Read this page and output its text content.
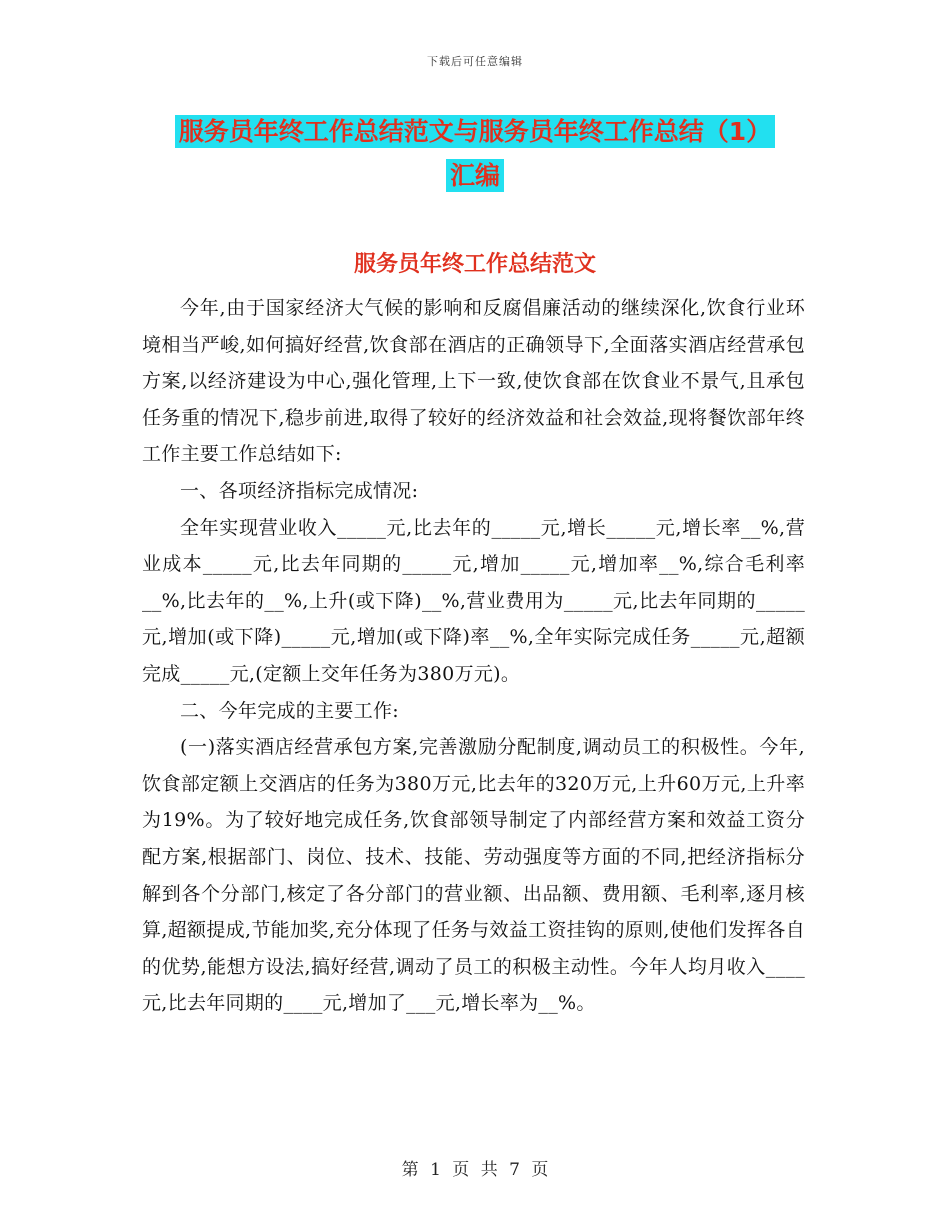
下载后可任意编辑
服务员年终工作总结范文与服务员年终工作总结（1）
汇编
服务员年终工作总结范文

今年,由于国家经济大气候的影响和反腐倡廉活动的继续深化,饮食行业环境相当严峻,如何搞好经营,饮食部在酒店的正确领导下,全面落实酒店经营承包方案,以经济建设为中心,强化管理,上下一致,使饮食部在饮食业不景气,且承包任务重的情况下,稳步前进,取得了较好的经济效益和社会效益,现将餐饮部年终工作主要工作总结如下:

一、各项经济指标完成情况:

全年实现营业收入_____元,比去年的_____元,增长_____元,增长率__%,营业成本_____元,比去年同期的_____元,增加_____元,增加率__%,综合毛利率__%,比去年的__%,上升(或下降)__%,营业费用为_____元,比去年同期的_____元,增加(或下降)_____元,增加(或下降)率__%,全年实际完成任务_____元,超额完成_____元,(定额上交年任务为380万元)。

二、今年完成的主要工作:

(一)落实酒店经营承包方案,完善激励分配制度,调动员工的积极性。今年,饮食部定额上交酒店的任务为380万元,比去年的320万元,上升60万元,上升率为19%。为了较好地完成任务,饮食部领导制定了内部经营方案和效益工资分配方案,根据部门、岗位、技术、技能、劳动强度等方面的不同,把经济指标分解到各个分部门,核定了各分部门的营业额、出品额、费用额、毛利率,逐月核算,超额提成,节能加奖,充分体现了任务与效益工资挂钩的原则,使他们发挥各自的优势,能想方设法,搞好经营,调动了员工的积极主动性。今年人均月收入____元,比去年同期的____元,增加了___元,增长率为__%。

第 1 页 共 7 页
